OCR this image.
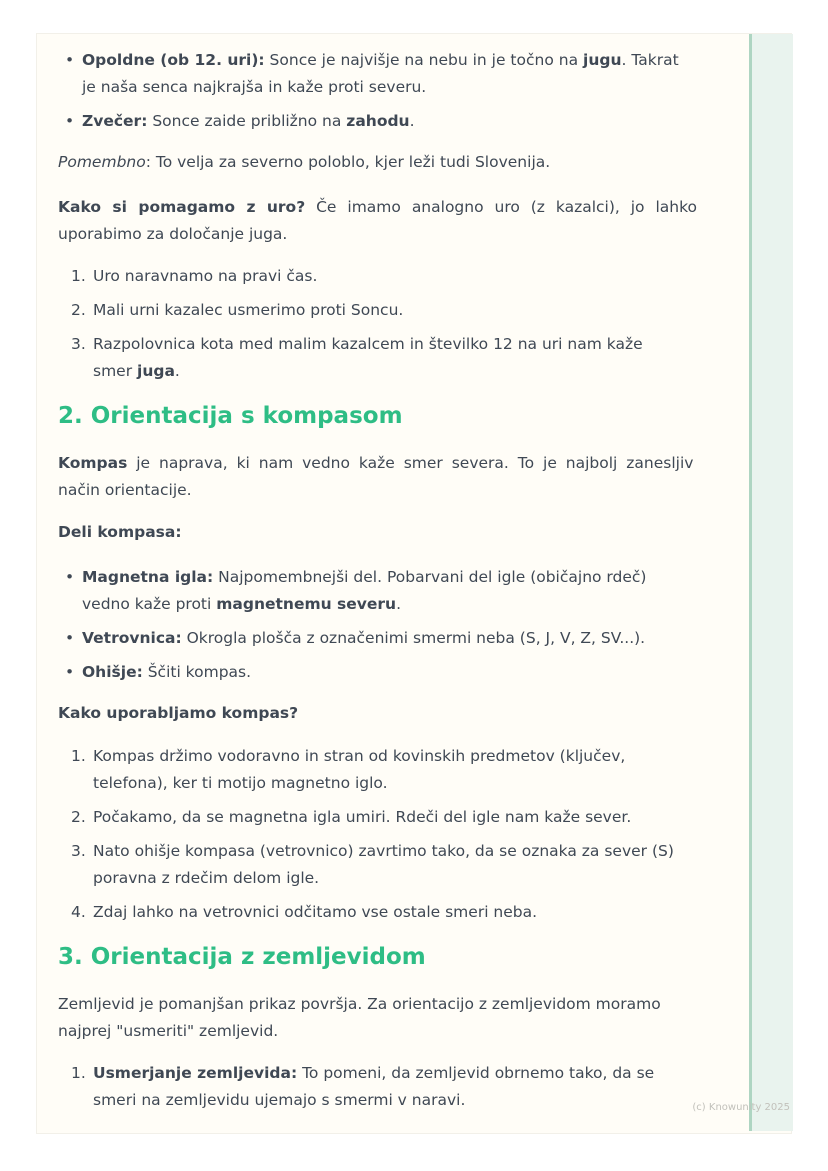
• Opoldne (ob 12. uri): Sonce je najvišje na nebu in je točno na jugu. Takrat
je naša senca najkrajša in kaže proti severu.
• Zvečer: Sonce zaide približno na zahodu.

Pomembno: To velja za severno poloblo, kjer leži tudi Slovenija.

Kako si pomagamo z uro? Če imamo analogno uro (z kazalci), jo lahko
uporabimo za določanje juga.

1. Uro naravnamo na pravi čas.
2. Mali urni kazalec usmerimo proti Soncu.
3. Razpolovnica kota med malim kazalcem in številko 12 na uri nam kaže
smer juga.
2. Orientacija s kompasom

Kompas je naprava, ki nam vedno kaže smer severa. To je najbolj zanesljiv
način orientacije.

Deli kompasa:

• Magnetna igla: Najpomembnejši del. Pobarvani del igle (običajno rdeč)
vedno kaže proti magnetnemu severu.
• Vetrovnica: Okrogla plošča z označenimi smermi neba (S, J, V, Z, SV...).
• Ohišje: Ščiti kompas.

Kako uporabljamo kompas?

1. Kompas držimo vodoravno in stran od kovinskih predmetov (ključev,
telefona), ker ti motijo magnetno iglo.
2. Počakamo, da se magnetna igla umiri. Rdeči del igle nam kaže sever.
3. Nato ohišje kompasa (vetrovnico) zavrtimo tako, da se oznaka za sever (S)
poravna z rdečim delom igle.
4. Zdaj lahko na vetrovnici odčitamo vse ostale smeri neba.
3. Orientacija z zemljevidom

Zemljevid je pomanjšan prikaz površja. Za orientacijo z zemljevidom moramo
najprej "usmeriti" zemljevid.

1. Usmerjanje zemljevida: To pomeni, da zemljevid obrnemo tako, da se
smeri na zemljevidu ujemajo s smermi v naravi.	(c) Knowunity 2025
